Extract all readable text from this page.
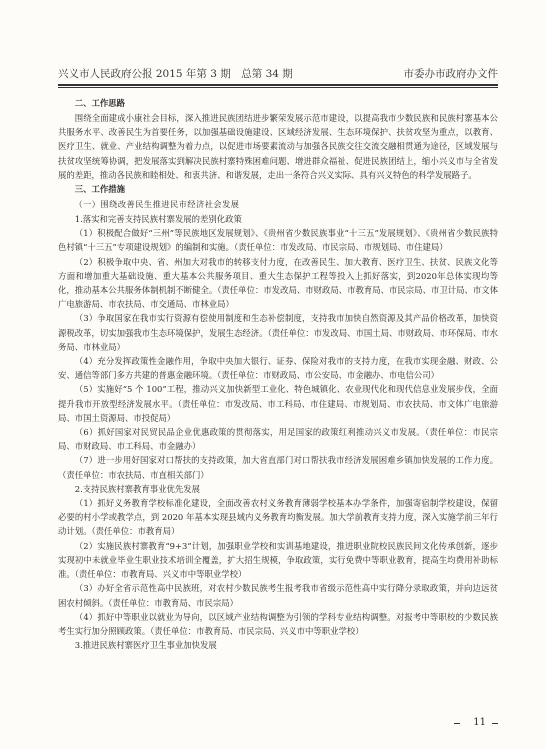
兴义市人民政府公报 2015 年第 3 期　总第 34 期	市委办市政府办文件

二、工作思路

围绕全面建成小康社会目标，深入推进民族团结进步繁荣发展示范市建设，以提高我市少数民族和民族村寨基本公共服务水平、改善民生为首要任务，以加强基础设施建设、区域经济发展、生态环境保护、扶贫攻坚为重点，以教育、医疗卫生、就业、产业结构调整为着力点，以促进市场要素流动与加强各民族交往交流交融相贯通为途径，区域发展与扶贫攻坚统筹协调，把发展落实到解决民族村寨特殊困难问题、增进群众福祉、促进民族团结上，缩小兴义市与全省发展的差距，推动各民族和睦相处、和衷共济、和谐发展，走出一条符合兴义实际、具有兴义特色的科学发展路子。

三、工作措施

（一）围绕改善民生推进民市经济社会发展

1.落实和完善支持民族村寨发展的差别化政策

（1）积极配合做好“三州”等民族地区发展规划》、《贵州省少数民族事业“十三五”发展规划》、《贵州省少数民族特色村镇“十三五”专项建设规划》的编制和实施。（责任单位：市发改局、市民宗局、市规划局、市住建局）

（2）积极争取中央、省、州加大对我市的转移支付力度，在改善民生、加大教育、医疗卫生、扶贫、民族文化等方面和增加重大基础设施、重大基本公共服务项目、重大生态保护工程等投入上抓好落实，到2020年总体实现均等化，推动基本公共服务体制机制不断健全。（责任单位：市发改局、市财政局、市教育局、市民宗局、市卫计局、市文体广电旅游局、市农扶局、市交通局、市林业局）

（3）争取国家在我市实行资源有偿使用制度和生态补偿制度，支持我市加快自然资源及其产品价格改革，加快资源税改革，切实加强我市生态环境保护，发展生态经济。（责任单位：市发改局、市国土局、市财政局、市环保局、市水务局、市林业局）

（4）充分发挥政策性金融作用，争取中央加大银行、证券、保险对我市的支持力度，在我市实现金融、财政、公安、通信等部门多方共建的普惠金融环境。（责任单位：市财政局、市公安局、市金融办、市电信公司）

（5）实施好“5 个 100”工程，推动兴义加快新型工业化、特色城镇化、农业现代化和现代信息业发展步伐，全面提升我市开放型经济发展水平。（责任单位：市发改局、市工科局、市住建局、市规划局、市农扶局、市文体广电旅游局、市国土资源局、市投促局）

（6）抓好国家对民贸民品企业优惠政策的贯彻落实，用足国家的政策红利推动兴义市发展。（责任单位：市民宗局、市财政局、市工科局、市金融办）

（7）进一步用好国家对口帮扶的支持政策，加大省直部门对口帮扶我市经济发展困难乡镇加快发展的工作力度。（责任单位：市农扶局、市直相关部门）

2.支持民族村寨教育事业优先发展

（1）抓好义务教育学校标准化建设，全面改善农村义务教育薄弱学校基本办学条件，加强寄宿制学校建设，保留必要的村小学或教学点，到 2020 年基本实现县域内义务教育均衡发展。加大学前教育支持力度，深入实施学前三年行动计划。（责任单位：市教育局）

（2）实施民族村寨教育“9+3”计划，加强职业学校和实训基地建设，推进职业院校民族民间文化传承创新，逐步实现初中未就业毕业生职业技术培训全覆盖，扩大招生规模，争取政策，实行免费中等职业教育，提高生均费用补助标准。（责任单位：市教育局、兴义市中等职业学校）

（3）办好全省示范性高中民族班，对农村少数民族考生报考我市省级示范性高中实行降分录取政策，并向边远贫困农村倾斜。（责任单位：市教育局、市民宗局）

（4）抓好中等职业以就业为导向，以区域产业结构调整为引领的学科专业结构调整。对报考中等职校的少数民族考生实行加分照顾政策。（责任单位：市教育局、市民宗局、兴义市中等职业学校）

3.推进民族村寨医疗卫生事业加快发展

11
